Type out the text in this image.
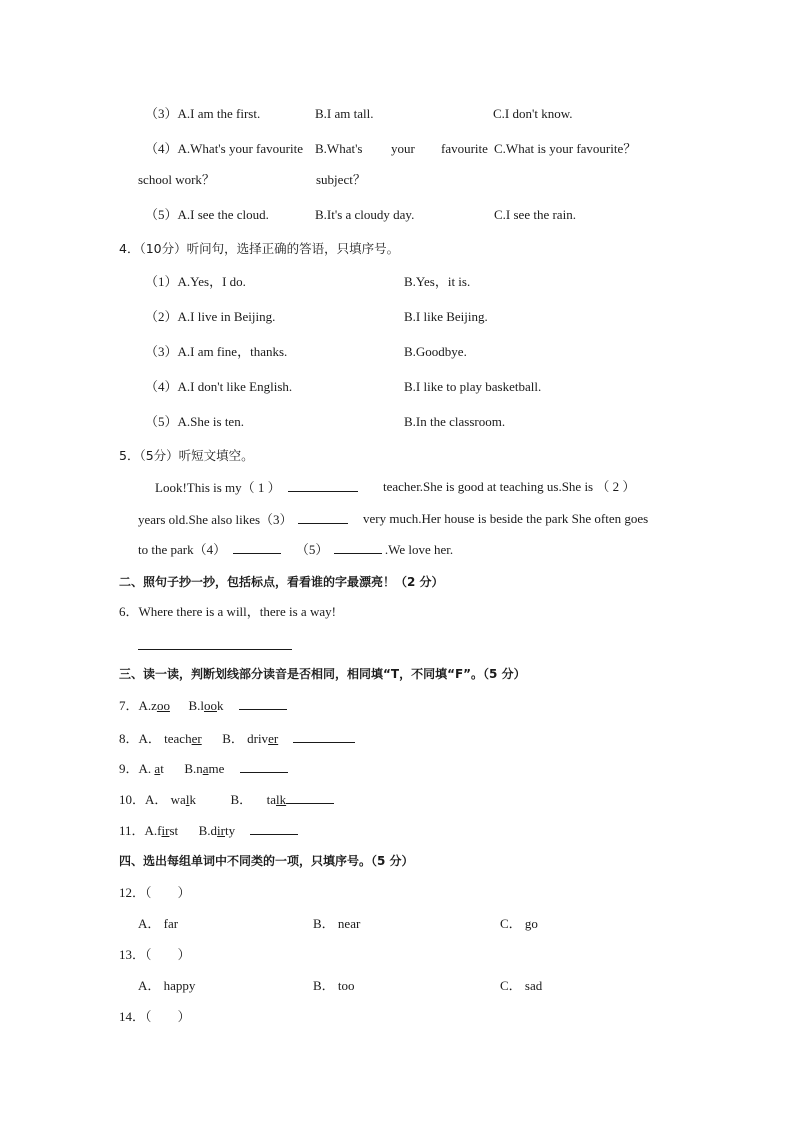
（3）A.I am the first.	B.I am tall.	C.I don't know.
（4）A.What's your favourite B.What's your favourite C.What is your favourite？
school work？	subject？
（5）A.I see the cloud.	B.It's a cloudy day.	C.I see the rain.
4．（10分）听问句，选择正确的答语，只填序号。
（1）A.Yes，I do.	B.Yes，it is.
（2）A.I live in Beijing.	B.I like Beijing.
（3）A.I am fine，thanks.	B.Goodbye.
（4）A.I don't like English.	B.I like to play basketball.
（5）A.She is ten.	B.In the classroom.
5．（5分）听短文填空。
Look!This is my（ 1 ）	teacher.She is good at teaching us.She is （ 2 ）
years old.She also likes（3）	very much.Her house is beside the park She often goes
to the park（4）	（5）	.We love her.
二、照句子抄一抄，包括标点，看看谁的字最漂亮！（2 分）
6．Where there is a will，there is a way!
三、读一读，判断划线部分读音是否相同，相同填“T，不同填“F”。（5 分）
7．A.zoo B.look
8．A． teacher B． driver
9．A. at B.name
10．A． walk	B． talk
11．A.first B.dirty
四、选出每组单词中不同类的一项，只填序号。（5 分）
12．（　　）
A． far	B． near	C． go
13．（　　）
A． happy	B． too	C． sad
14．（　　）
